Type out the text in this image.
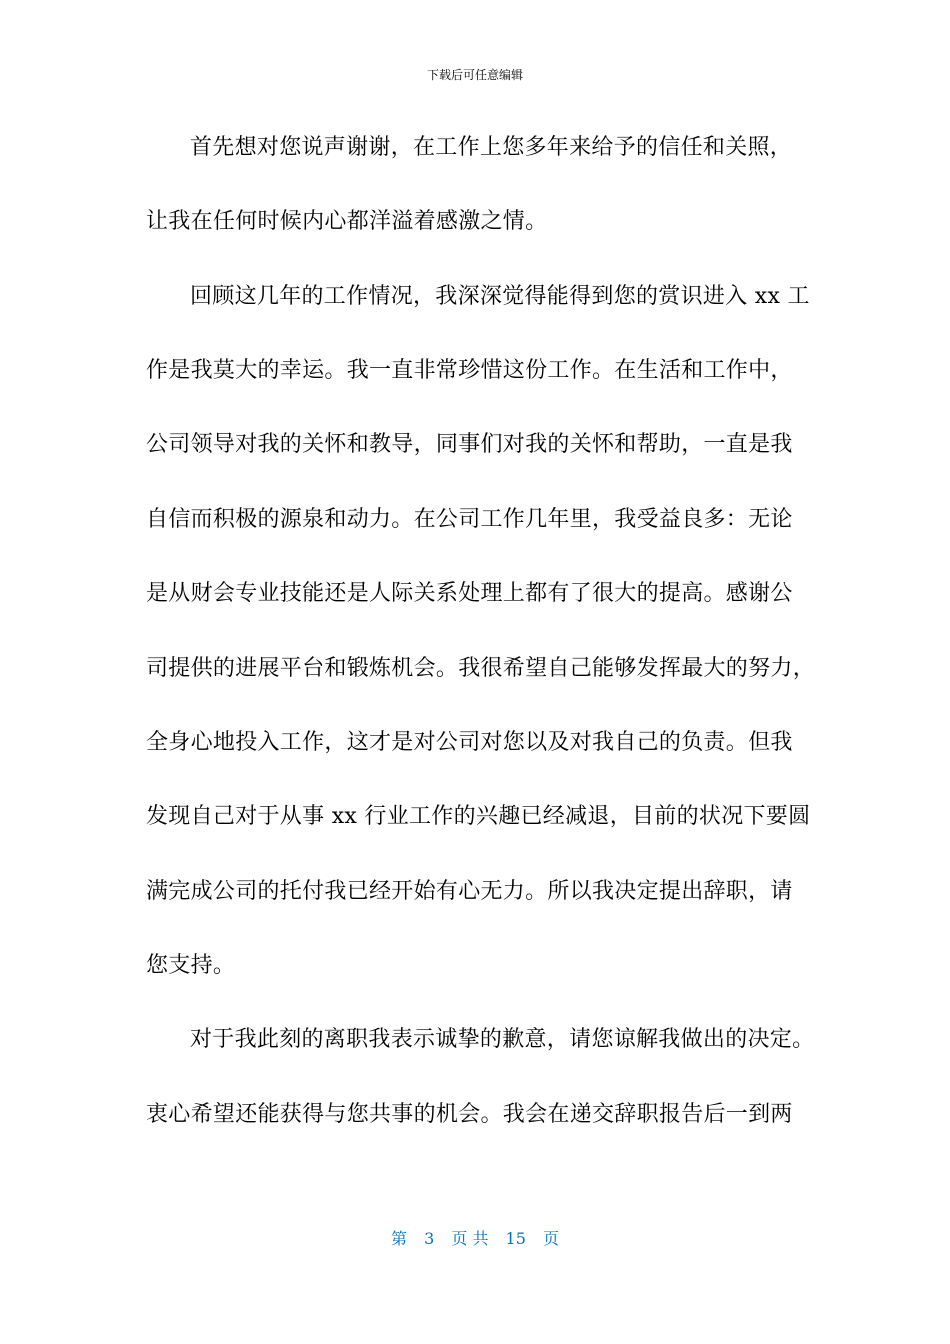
下载后可任意编辑
首先想对您说声谢谢，在工作上您多年来给予的信任和关照，
让我在任何时候内心都洋溢着感激之情。
回顾这几年的工作情况，我深深觉得能得到您的赏识进入 xx 工
作是我莫大的幸运。我一直非常珍惜这份工作。在生活和工作中，
公司领导对我的关怀和教导，同事们对我的关怀和帮助，一直是我
自信而积极的源泉和动力。在公司工作几年里，我受益良多：无论
是从财会专业技能还是人际关系处理上都有了很大的提高。感谢公
司提供的进展平台和锻炼机会。我很希望自己能够发挥最大的努力，
全身心地投入工作，这才是对公司对您以及对我自己的负责。但我
发现自己对于从事 xx 行业工作的兴趣已经减退，目前的状况下要圆
满完成公司的托付我已经开始有心无力。所以我决定提出辞职，请
您支持。
对于我此刻的离职我表示诚挚的歉意，请您谅解我做出的决定。
衷心希望还能获得与您共事的机会。我会在递交辞职报告后一到两
第 3 页 共 15 页
